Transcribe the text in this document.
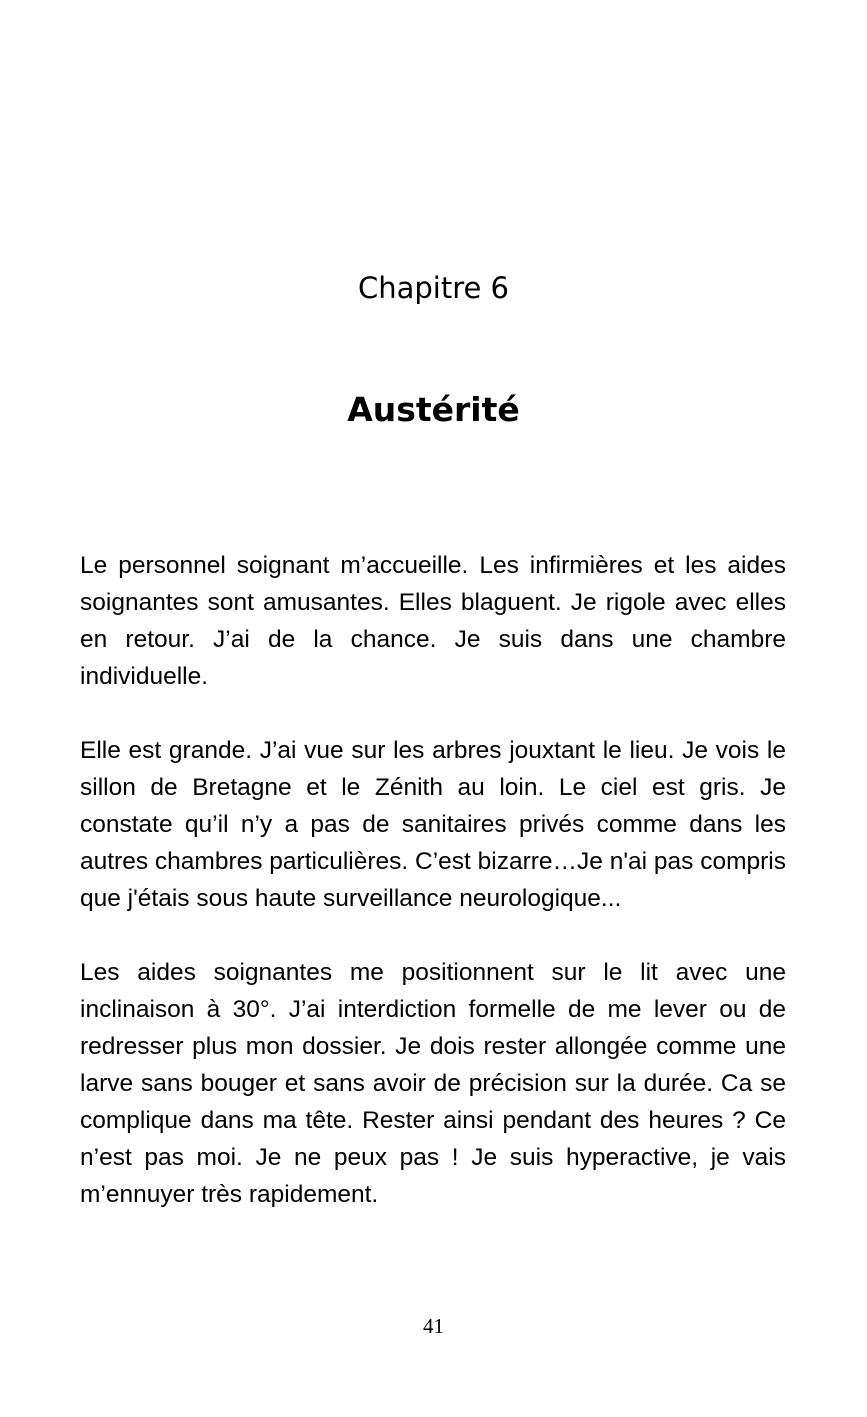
Chapitre 6
Austérité

Le personnel soignant m’accueille. Les infirmières et les aides soignantes sont amusantes. Elles blaguent. Je rigole avec elles en retour. J’ai de la chance. Je suis dans une chambre individuelle.

Elle est grande. J’ai vue sur les arbres jouxtant le lieu. Je vois le sillon de Bretagne et le Zénith au loin. Le ciel est gris. Je constate qu’il n’y a pas de sanitaires privés comme dans les autres chambres particulières. C’est bizarre…Je n'ai pas compris que j'étais sous haute surveillance neurologique...

Les aides soignantes me positionnent sur le lit avec une inclinaison à 30°. J’ai interdiction formelle de me lever ou de redresser plus mon dossier. Je dois rester allongée comme une larve sans bouger et sans avoir de précision sur la durée. Ca se complique dans ma tête. Rester ainsi pendant des heures ? Ce n’est pas moi. Je ne peux pas ! Je suis hyperactive, je vais m’ennuyer très rapidement.

41
